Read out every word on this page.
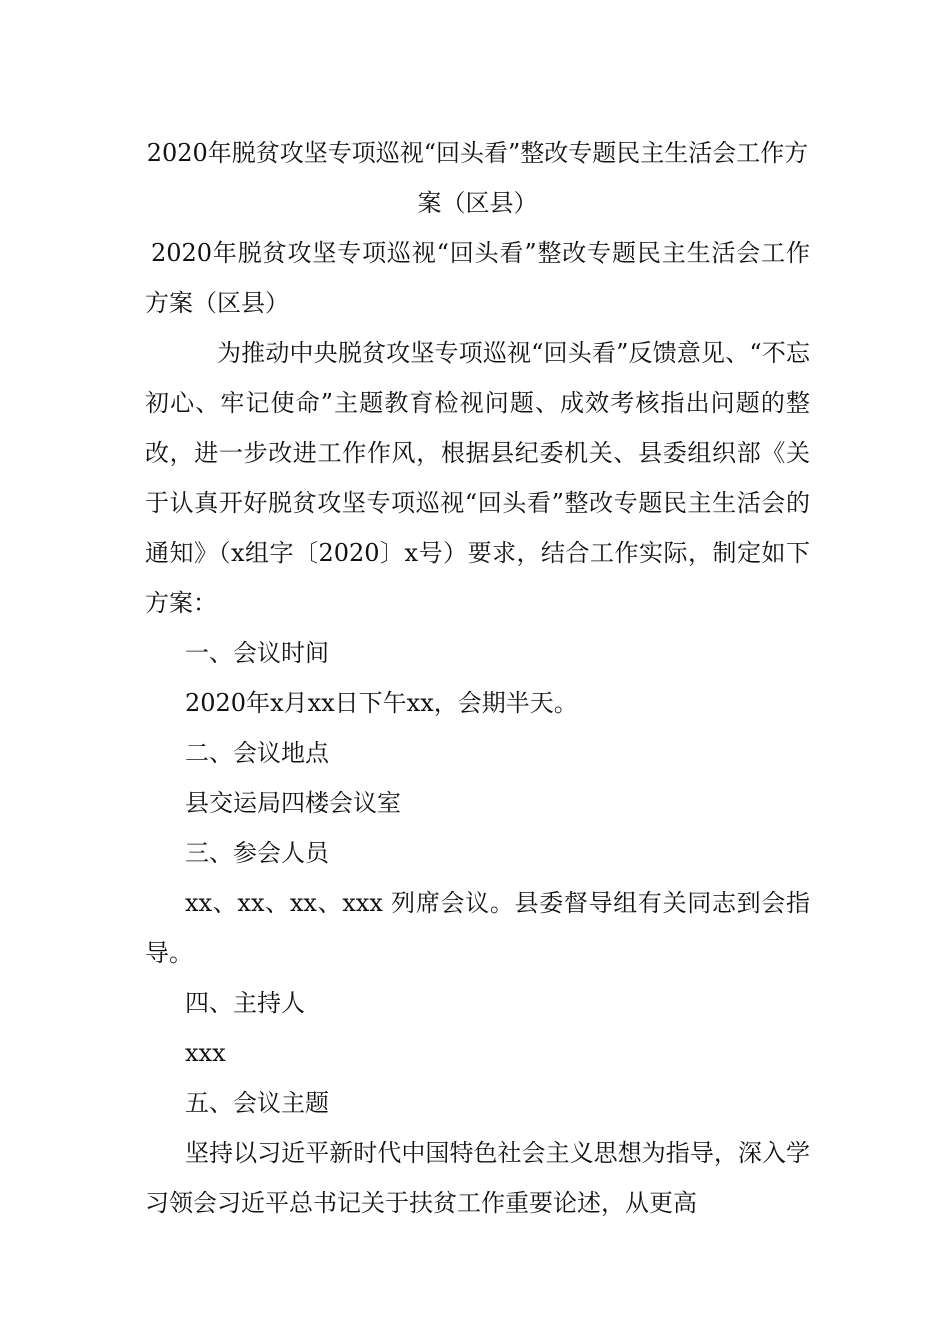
2020年脱贫攻坚专项巡视“回头看”整改专题民主生活会工作方案（区县）

2020年脱贫攻坚专项巡视“回头看”整改专题民主生活会工作方案（区县）

为推动中央脱贫攻坚专项巡视“回头看”反馈意见、“不忘初心、牢记使命”主题教育检视问题、成效考核指出问题的整改，进一步改进工作作风，根据县纪委机关、县委组织部《关于认真开好脱贫攻坚专项巡视“回头看”整改专题民主生活会的通知》（x组字〔2020〕x号）要求，结合工作实际，制定如下方案：

一、会议时间

2020年x月xx日下午xx，会期半天。

二、会议地点

县交运局四楼会议室

三、参会人员

xx、xx、xx、xxx 列席会议。县委督导组有关同志到会指导。

四、主持人

xxx

五、会议主题

坚持以习近平新时代中国特色社会主义思想为指导，深入学习领会习近平总书记关于扶贫工作重要论述，从更高
